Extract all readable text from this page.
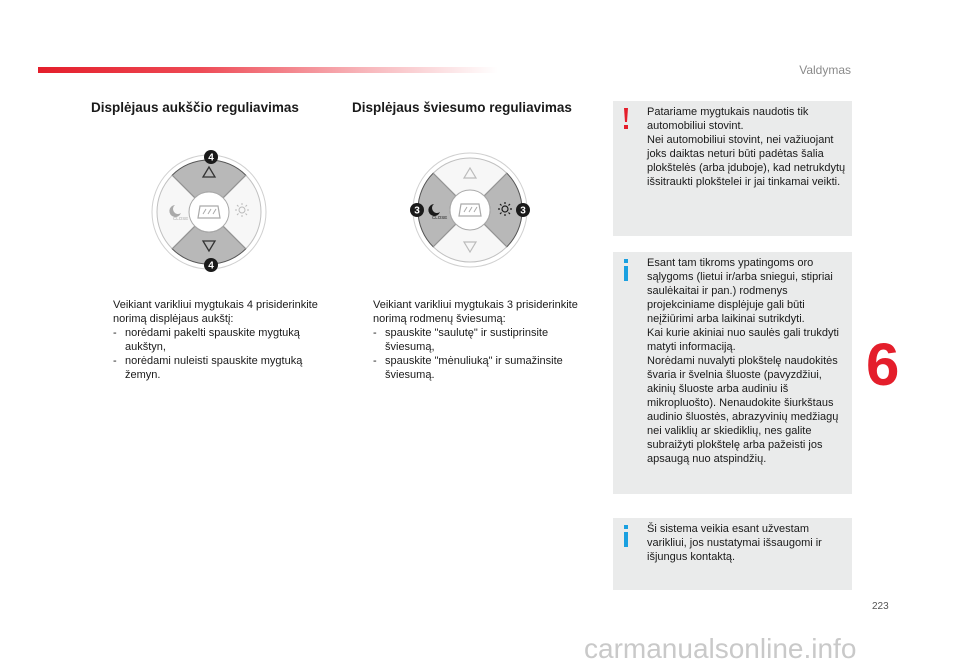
Valdymas
Displėjaus aukščio reguliavimas	Displėjaus šviesumo reguliavimas
CLOSE
4
4
CLOSE
3	3
Veikiant varikliui mygtukais 4 prisiderinkite norimą displėjaus aukštį:
- norėdami pakelti spauskite mygtuką aukštyn,
- norėdami nuleisti spauskite mygtuką žemyn.
Veikiant varikliui mygtukais 3 prisiderinkite norimą rodmenų šviesumą:
- spauskite "saulutę" ir sustiprinsite šviesumą,
- spauskite "mėnuliuką" ir sumažinsite šviesumą.
Patariame mygtukais naudotis tik automobiliui stovint.
Nei automobiliui stovint, nei važiuojant joks daiktas neturi būti padėtas šalia plokštelės (arba įduboje), kad netrukdytų išsitraukti plokštelei ir jai tinkamai veikti.
Esant tam tikroms ypatingoms oro sąlygoms (lietui ir/arba sniegui, stipriai saulėkaitai ir pan.) rodmenys projekciniame displėjuje gali būti neįžiūrimi arba laikinai sutrikdyti.
Kai kurie akiniai nuo saulės gali trukdyti matyti informaciją.
Norėdami nuvalyti plokštelę naudokitės švaria ir švelnia šluoste (pavyzdžiui, akinių šluoste arba audiniu iš mikropluošto). Nenaudokite šiurkštaus audinio šluostės, abrazyvinių medžiagų nei valiklių ar skiediklių, nes galite subraižyti plokštelę arba pažeisti jos apsaugą nuo atspindžių.
Ši sistema veikia esant užvestam varikliui, jos nustatymai išsaugomi ir išjungus kontaktą.
6
223
carmanualsonline.info
